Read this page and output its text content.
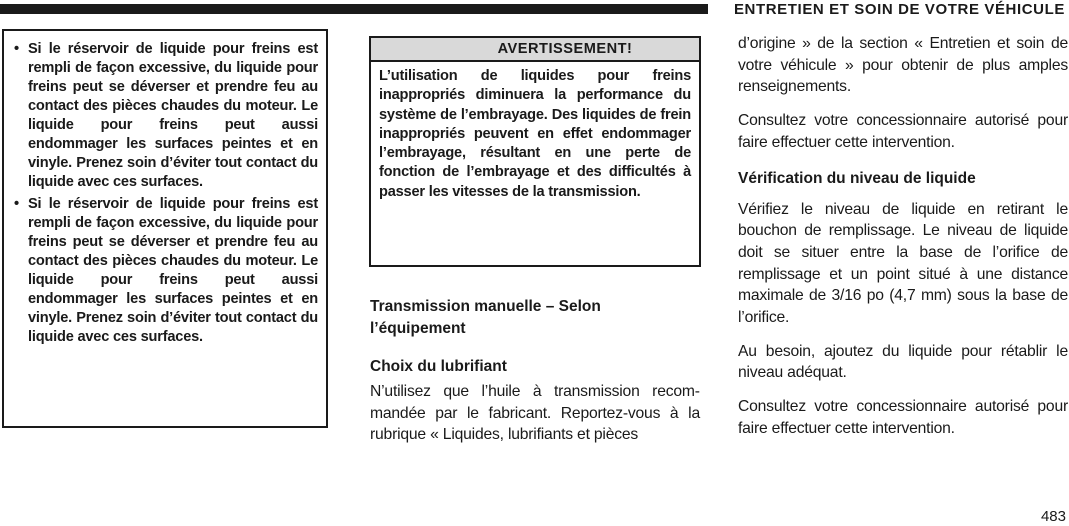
ENTRETIEN ET SOIN DE VOTRE VÉHICULE
• Si le réservoir de liquide pour freins est rempli de façon excessive, du liquide pour freins peut se déverser et prendre feu au contact des pièces chaudes du moteur. Le liquide pour freins peut aussi endommager les surfaces peintes et en vinyle. Prenez soin d’éviter tout contact du liquide avec ces surfaces.
• Si le réservoir de liquide pour freins est rempli de façon excessive, du liquide pour freins peut se déverser et prendre feu au contact des pièces chaudes du moteur. Le liquide pour freins peut aussi endommager les surfaces peintes et en vinyle. Prenez soin d’éviter tout contact du liquide avec ces surfaces.
AVERTISSEMENT!
L’utilisation de liquides pour freins inappropriés diminuera la performance du système de l’embrayage. Des liquides de frein inappropriés peuvent en effet endommager l’embrayage, résultant en une perte de fonction de l’embrayage et des difficultés à passer les vitesses de la transmission.
Transmission manuelle – Selon l’équipement
Choix du lubrifiant

N’utilisez que l’huile à transmission recommandée par le fabricant. Reportez-vous à la rubrique « Liquides, lubrifiants et pièces

d’origine » de la section « Entretien et soin de votre véhicule » pour obtenir de plus amples renseignements.

Consultez votre concessionnaire autorisé pour faire effectuer cette intervention.

Vérification du niveau de liquide

Vérifiez le niveau de liquide en retirant le bouchon de remplissage. Le niveau de liquide doit se situer entre la base de l’orifice de remplissage et un point situé à une distance maximale de 3/16 po (4,7 mm) sous la base de l’orifice.

Au besoin, ajoutez du liquide pour rétablir le niveau adéquat.

Consultez votre concessionnaire autorisé pour faire effectuer cette intervention.

483
